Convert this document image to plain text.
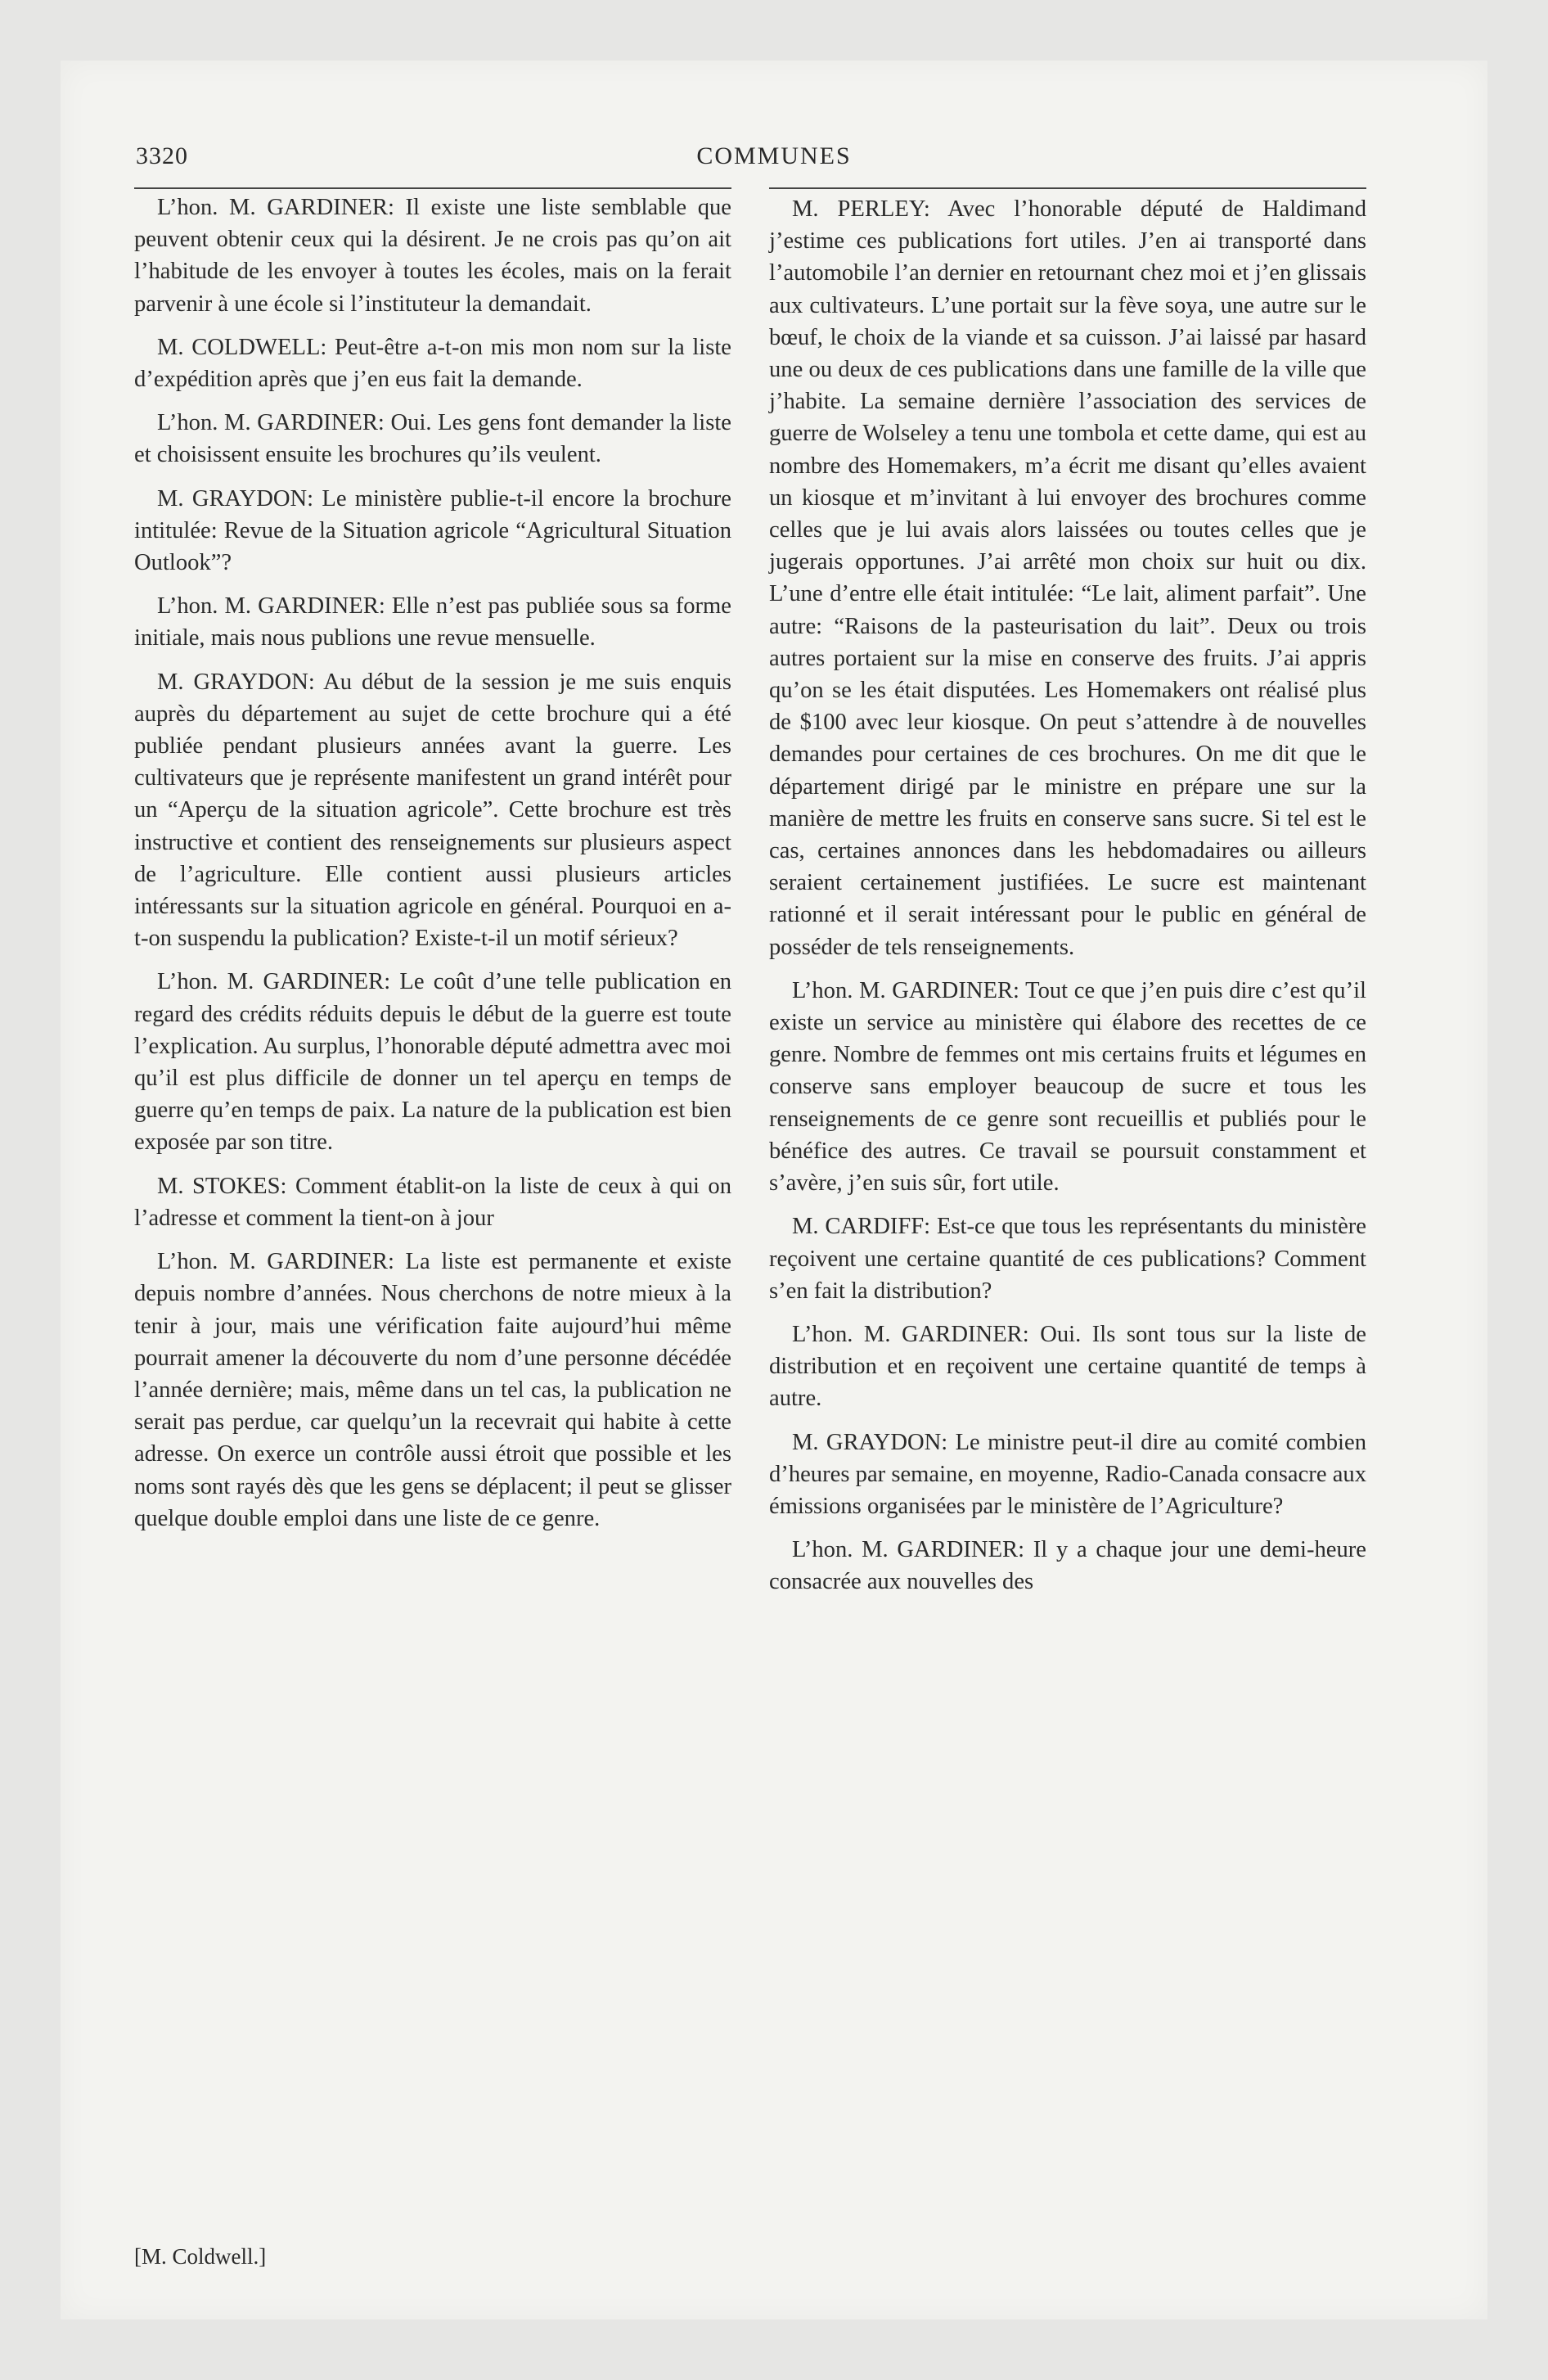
3320	COMMUNES

L’hon. M. GARDINER: Il existe une liste semblable que peuvent obtenir ceux qui la désirent. Je ne crois pas qu’on ait l’habitude de les envoyer à toutes les écoles, mais on la ferait parvenir à une école si l’instituteur la demandait.

M. COLDWELL: Peut-être a-t-on mis mon nom sur la liste d’expédition après que j’en eus fait la demande.

L’hon. M. GARDINER: Oui. Les gens font demander la liste et choisissent ensuite les brochures qu’ils veulent.

M. GRAYDON: Le ministère publie-t-il encore la brochure intitulée: Revue de la Situation agricole “Agricultural Situation Outlook”?

L’hon. M. GARDINER: Elle n’est pas publiée sous sa forme initiale, mais nous publions une revue mensuelle.

M. GRAYDON: Au début de la session je me suis enquis auprès du département au sujet de cette brochure qui a été publiée pendant plusieurs années avant la guerre. Les cultivateurs que je représente manifestent un grand intérêt pour un “Aperçu de la situation agricole”. Cette brochure est très instructive et contient des renseignements sur plusieurs aspect de l’agriculture. Elle contient aussi plusieurs articles intéressants sur la situation agricole en général. Pourquoi en a-t-on suspendu la publication? Existe-t-il un motif sérieux?

L’hon. M. GARDINER: Le coût d’une telle publication en regard des crédits réduits depuis le début de la guerre est toute l’explication. Au surplus, l’honorable député admettra avec moi qu’il est plus difficile de donner un tel aperçu en temps de guerre qu’en temps de paix. La nature de la publication est bien exposée par son titre.

M. STOKES: Comment établit-on la liste de ceux à qui on l’adresse et comment la tient-on à jour

L’hon. M. GARDINER: La liste est permanente et existe depuis nombre d’années. Nous cherchons de notre mieux à la tenir à jour, mais une vérification faite aujourd’hui même pourrait amener la découverte du nom d’une personne décédée l’année dernière; mais, même dans un tel cas, la publication ne serait pas perdue, car quelqu’un la recevrait qui habite à cette adresse. On exerce un contrôle aussi étroit que possible et les noms sont rayés dès que les gens se déplacent; il peut se glisser quelque double emploi dans une liste de ce genre.

M. PERLEY: Avec l’honorable député de Haldimand j’estime ces publications fort utiles. J’en ai transporté dans l’automobile l’an dernier en retournant chez moi et j’en glissais aux cultivateurs. L’une portait sur la fève soya, une autre sur le bœuf, le choix de la viande et sa cuisson. J’ai laissé par hasard une ou deux de ces publications dans une famille de la ville que j’habite. La semaine dernière l’association des services de guerre de Wolseley a tenu une tombola et cette dame, qui est au nombre des Homemakers, m’a écrit me disant qu’elles avaient un kiosque et m’invitant à lui envoyer des brochures comme celles que je lui avais alors laissées ou toutes celles que je jugerais opportunes. J’ai arrêté mon choix sur huit ou dix. L’une d’entre elle était intitulée: “Le lait, aliment parfait”. Une autre: “Raisons de la pasteurisation du lait”. Deux ou trois autres portaient sur la mise en conserve des fruits. J’ai appris qu’on se les était disputées. Les Homemakers ont réalisé plus de $100 avec leur kiosque. On peut s’attendre à de nouvelles demandes pour certaines de ces brochures. On me dit que le département dirigé par le ministre en prépare une sur la manière de mettre les fruits en conserve sans sucre. Si tel est le cas, certaines annonces dans les hebdomadaires ou ailleurs seraient certainement justifiées. Le sucre est maintenant rationné et il serait intéressant pour le public en général de posséder de tels renseignements.

L’hon. M. GARDINER: Tout ce que j’en puis dire c’est qu’il existe un service au ministère qui élabore des recettes de ce genre. Nombre de femmes ont mis certains fruits et légumes en conserve sans employer beaucoup de sucre et tous les renseignements de ce genre sont recueillis et publiés pour le bénéfice des autres. Ce travail se poursuit constamment et s’avère, j’en suis sûr, fort utile.

M. CARDIFF: Est-ce que tous les représentants du ministère reçoivent une certaine quantité de ces publications? Comment s’en fait la distribution?

L’hon. M. GARDINER: Oui. Ils sont tous sur la liste de distribution et en reçoivent une certaine quantité de temps à autre.

M. GRAYDON: Le ministre peut-il dire au comité combien d’heures par semaine, en moyenne, Radio-Canada consacre aux émissions organisées par le ministère de l’Agriculture?

L’hon. M. GARDINER: Il y a chaque jour une demi-heure consacrée aux nouvelles des

[M. Coldwell.]
